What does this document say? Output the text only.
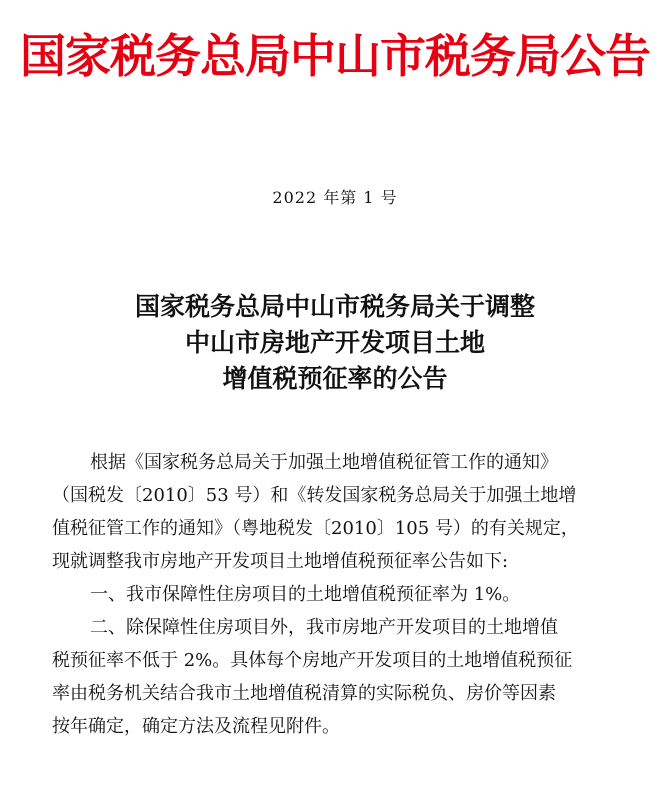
国家税务总局中山市税务局公告
2022 年第 1 号
国家税务总局中山市税务局关于调整
中山市房地产开发项目土地
增值税预征率的公告
根据《国家税务总局关于加强土地增值税征管工作的通知》
（国税发〔2010〕53 号）和《转发国家税务总局关于加强土地增
值税征管工作的通知》（粤地税发〔2010〕105 号）的有关规定，
现就调整我市房地产开发项目土地增值税预征率公告如下:
一、我市保障性住房项目的土地增值税预征率为 1%。
二、除保障性住房项目外，我市房地产开发项目的土地增值
税预征率不低于 2%。具体每个房地产开发项目的土地增值税预征
率由税务机关结合我市土地增值税清算的实际税负、房价等因素
按年确定，确定方法及流程见附件。
